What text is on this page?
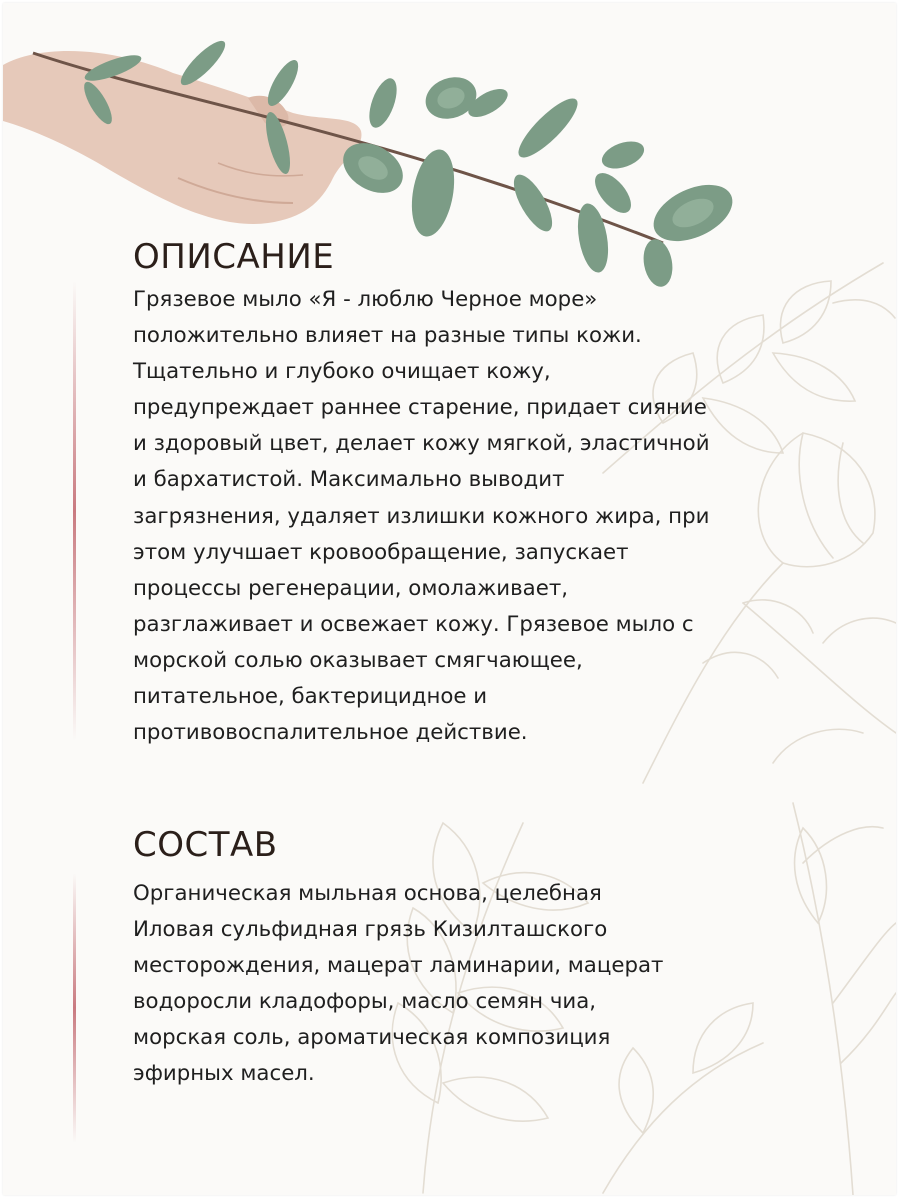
ОПИСАНИЕ

Грязевое мыло «Я - люблю Черное море»
положительно влияет на разные типы кожи.
Тщательно и глубоко очищает кожу,
предупреждает раннее старение, придает сияние
и здоровый цвет, делает кожу мягкой, эластичной
и бархатистой. Максимально выводит
загрязнения, удаляет излишки кожного жира, при
этом улучшает кровообращение, запускает
процессы регенерации, омолаживает,
разглаживает и освежает кожу. Грязевое мыло с
морской солью оказывает смягчающее,
питательное, бактерицидное и
противовоспалительное действие.

СОСТАВ

Органическая мыльная основа, целебная
Иловая сульфидная грязь Кизилташского
месторождения, мацерат ламинарии, мацерат
водоросли кладофоры, масло семян чиа,
морская соль, ароматическая композиция
эфирных масел.
